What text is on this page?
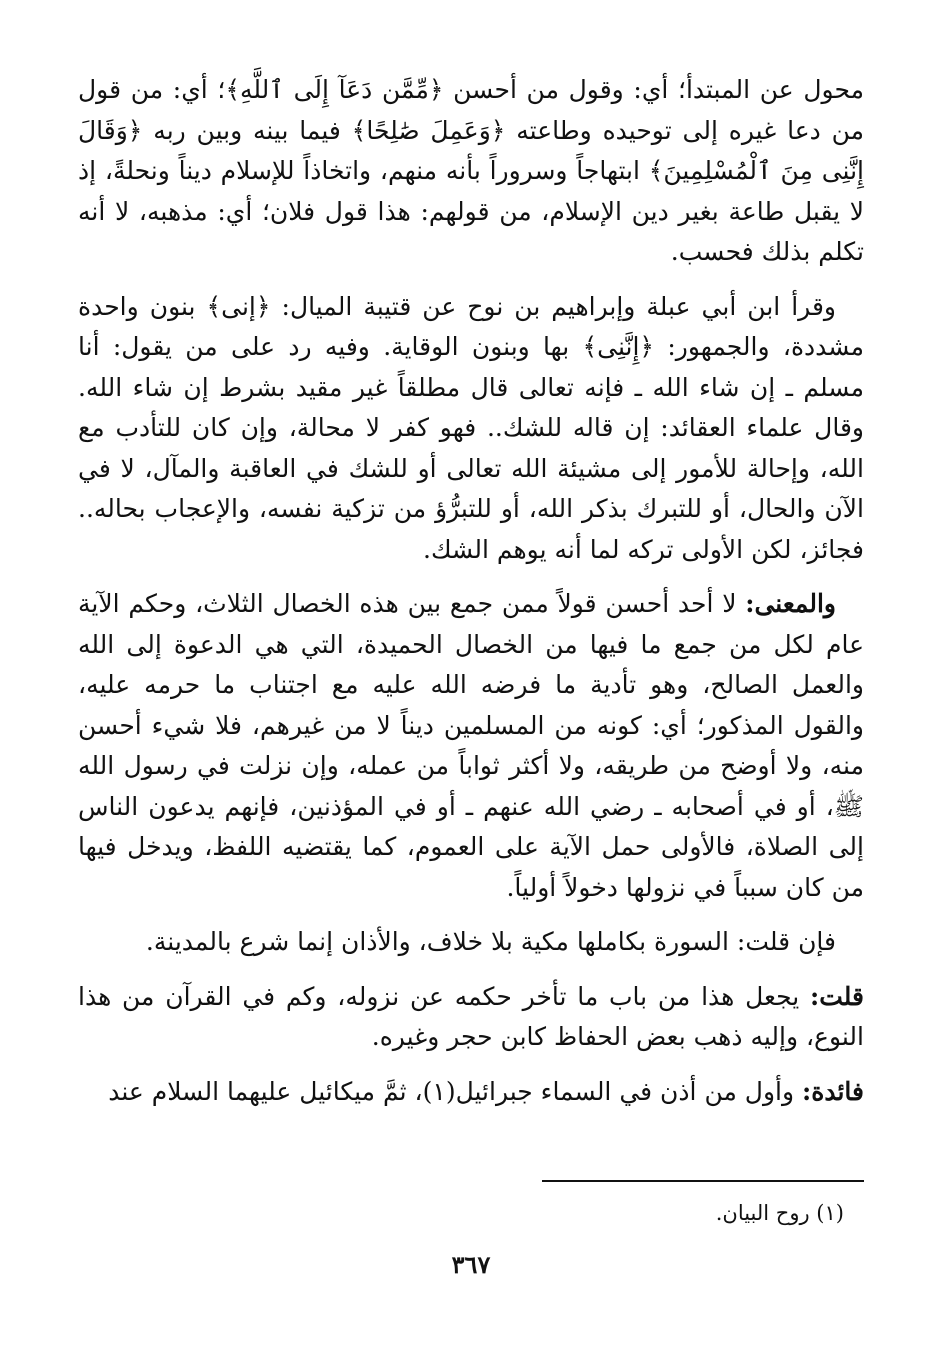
محول عن المبتدأ؛ أي: وقول من أحسن ﴿مِّمَّن دَعَآ إِلَى ٱللَّهِ﴾؛ أي: من قول من دعا غيره إلى توحيده وطاعته ﴿وَعَمِلَ صَٰلِحًا﴾ فيما بينه وبين ربه ﴿وَقَالَ إِنَّنِى مِنَ ٱلْمُسْلِمِينَ﴾ ابتهاجاً وسروراً بأنه منهم، واتخاذاً للإسلام ديناً ونحلةً، إذ لا يقبل طاعة بغير دين الإسلام، من قولهم: هذا قول فلان؛ أي: مذهبه، لا أنه تكلم بذلك فحسب.

وقرأ ابن أبي عبلة وإبراهيم بن نوح عن قتيبة الميال: ﴿إنى﴾ بنون واحدة مشددة، والجمهور: ﴿إِنَّنِى﴾ بها وبنون الوقاية. وفيه رد على من يقول: أنا مسلم ـ إن شاء الله ـ فإنه تعالى قال مطلقاً غير مقيد بشرط إن شاء الله. وقال علماء العقائد: إن قاله للشك.. فهو كفر لا محالة، وإن كان للتأدب مع الله، وإحالة للأمور إلى مشيئة الله تعالى أو للشك في العاقبة والمآل، لا في الآن والحال، أو للتبرك بذكر الله، أو للتبرُّؤ من تزكية نفسه، والإعجاب بحاله.. فجائز، لكن الأولى تركه لما أنه يوهم الشك.

والمعنى: لا أحد أحسن قولاً ممن جمع بين هذه الخصال الثلاث، وحكم الآية عام لكل من جمع ما فيها من الخصال الحميدة، التي هي الدعوة إلى الله والعمل الصالح، وهو تأدية ما فرضه الله عليه مع اجتناب ما حرمه عليه، والقول المذكور؛ أي: كونه من المسلمين ديناً لا من غيرهم، فلا شيء أحسن منه، ولا أوضح من طريقه، ولا أكثر ثواباً من عمله، وإن نزلت في رسول الله ﷺ، أو في أصحابه ـ رضي الله عنهم ـ أو في المؤذنين، فإنهم يدعون الناس إلى الصلاة، فالأولى حمل الآية على العموم، كما يقتضيه اللفظ، ويدخل فيها من كان سبباً في نزولها دخولاً أولياً.

فإن قلت: السورة بكاملها مكية بلا خلاف، والأذان إنما شرع بالمدينة.

قلت: يجعل هذا من باب ما تأخر حكمه عن نزوله، وكم في القرآن من هذا النوع، وإليه ذهب بعض الحفاظ كابن حجر وغيره.

فائدة: وأول من أذن في السماء جبرائيل(١)، ثمَّ ميكائيل عليهما السلام عند

(١) روح البيان.

٣٦٧
